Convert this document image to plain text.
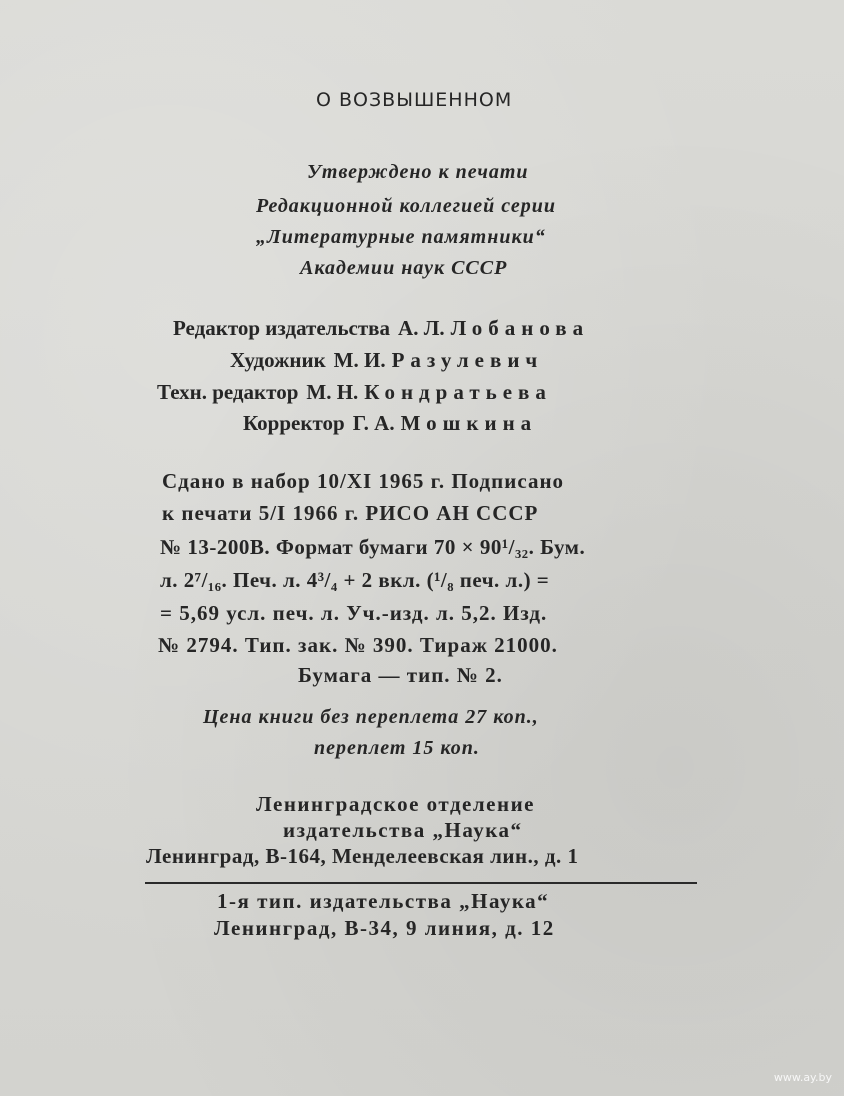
О ВОЗВЫШЕННОМ
Утверждено к печати
Редакционной коллегией серии
„Литературные памятники“
Академии наук СССР
Редактор издательства А. Л. Лобанова
Художник М. И. Разулевич
Техн. редактор М. Н. Кондратьева
Корректор Г. А. Мошкина
Сдано в набор 10/XI 1965 г. Подписано
к печати 5/I 1966 г. РИСО АН СССР
№ 13-200В. Формат бумаги 70 × 90¹/₃₂. Бум.
л. 2⁷/₁₆. Печ. л. 4³/₄ + 2 вкл. (¹/₈ печ. л.) =
= 5,69 усл. печ. л. Уч.-изд. л. 5,2. Изд.
№ 2794. Тип. зак. № 390. Тираж 21000.
Бумага — тип. № 2.
Цена книги без переплета 27 коп.,
переплет 15 коп.
Ленинградское отделение
издательства „Наука“
Ленинград, В-164, Менделеевская лин., д. 1
1-я тип. издательства „Наука“
Ленинград, В-34, 9 линия, д. 12
www.ay.by
